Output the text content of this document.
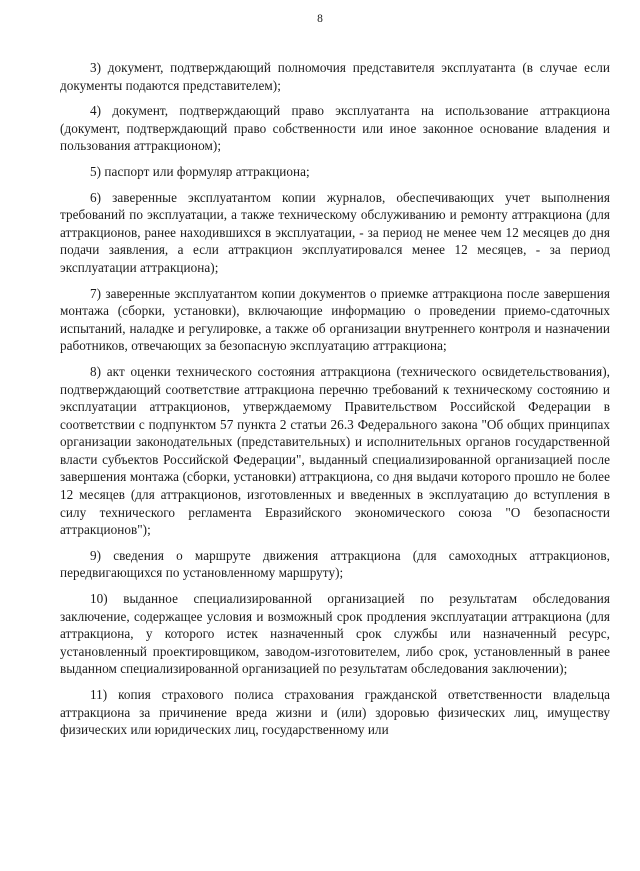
8

3) документ, подтверждающий полномочия представителя эксплуатанта (в случае если документы подаются представителем);

4) документ, подтверждающий право эксплуатанта на использование аттракциона (документ, подтверждающий право собственности или иное законное основание владения и пользования аттракционом);

5) паспорт или формуляр аттракциона;

6) заверенные эксплуатантом копии журналов, обеспечивающих учет выполнения требований по эксплуатации, а также техническому обслуживанию и ремонту аттракциона (для аттракционов, ранее находившихся в эксплуатации, - за период не менее чем 12 месяцев до дня подачи заявления, а если аттракцион эксплуатировался менее 12 месяцев, - за период эксплуатации аттракциона);

7) заверенные эксплуатантом копии документов о приемке аттракциона после завершения монтажа (сборки, установки), включающие информацию о проведении приемо-сдаточных испытаний, наладке и регулировке, а также об организации внутреннего контроля и назначении работников, отвечающих за безопасную эксплуатацию аттракциона;

8) акт оценки технического состояния аттракциона (технического освидетельствования), подтверждающий соответствие аттракциона перечню требований к техническому состоянию и эксплуатации аттракционов, утверждаемому Правительством Российской Федерации в соответствии с подпунктом 57 пункта 2 статьи 26.3 Федерального закона "Об общих принципах организации законодательных (представительных) и исполнительных органов государственной власти субъектов Российской Федерации", выданный специализированной организацией после завершения монтажа (сборки, установки) аттракциона, со дня выдачи которого прошло не более 12 месяцев (для аттракционов, изготовленных и введенных в эксплуатацию до вступления в силу технического регламента Евразийского экономического союза "О безопасности аттракционов");

9) сведения о маршруте движения аттракциона (для самоходных аттракционов, передвигающихся по установленному маршруту);

10) выданное специализированной организацией по результатам обследования заключение, содержащее условия и возможный срок продления эксплуатации аттракциона (для аттракциона, у которого истек назначенный срок службы или назначенный ресурс, установленный проектировщиком, заводом-изготовителем, либо срок, установленный в ранее выданном специализированной организацией по результатам обследования заключении);

11) копия страхового полиса страхования гражданской ответственности владельца аттракциона за причинение вреда жизни и (или) здоровью физических лиц, имуществу физических или юридических лиц, государственному или
